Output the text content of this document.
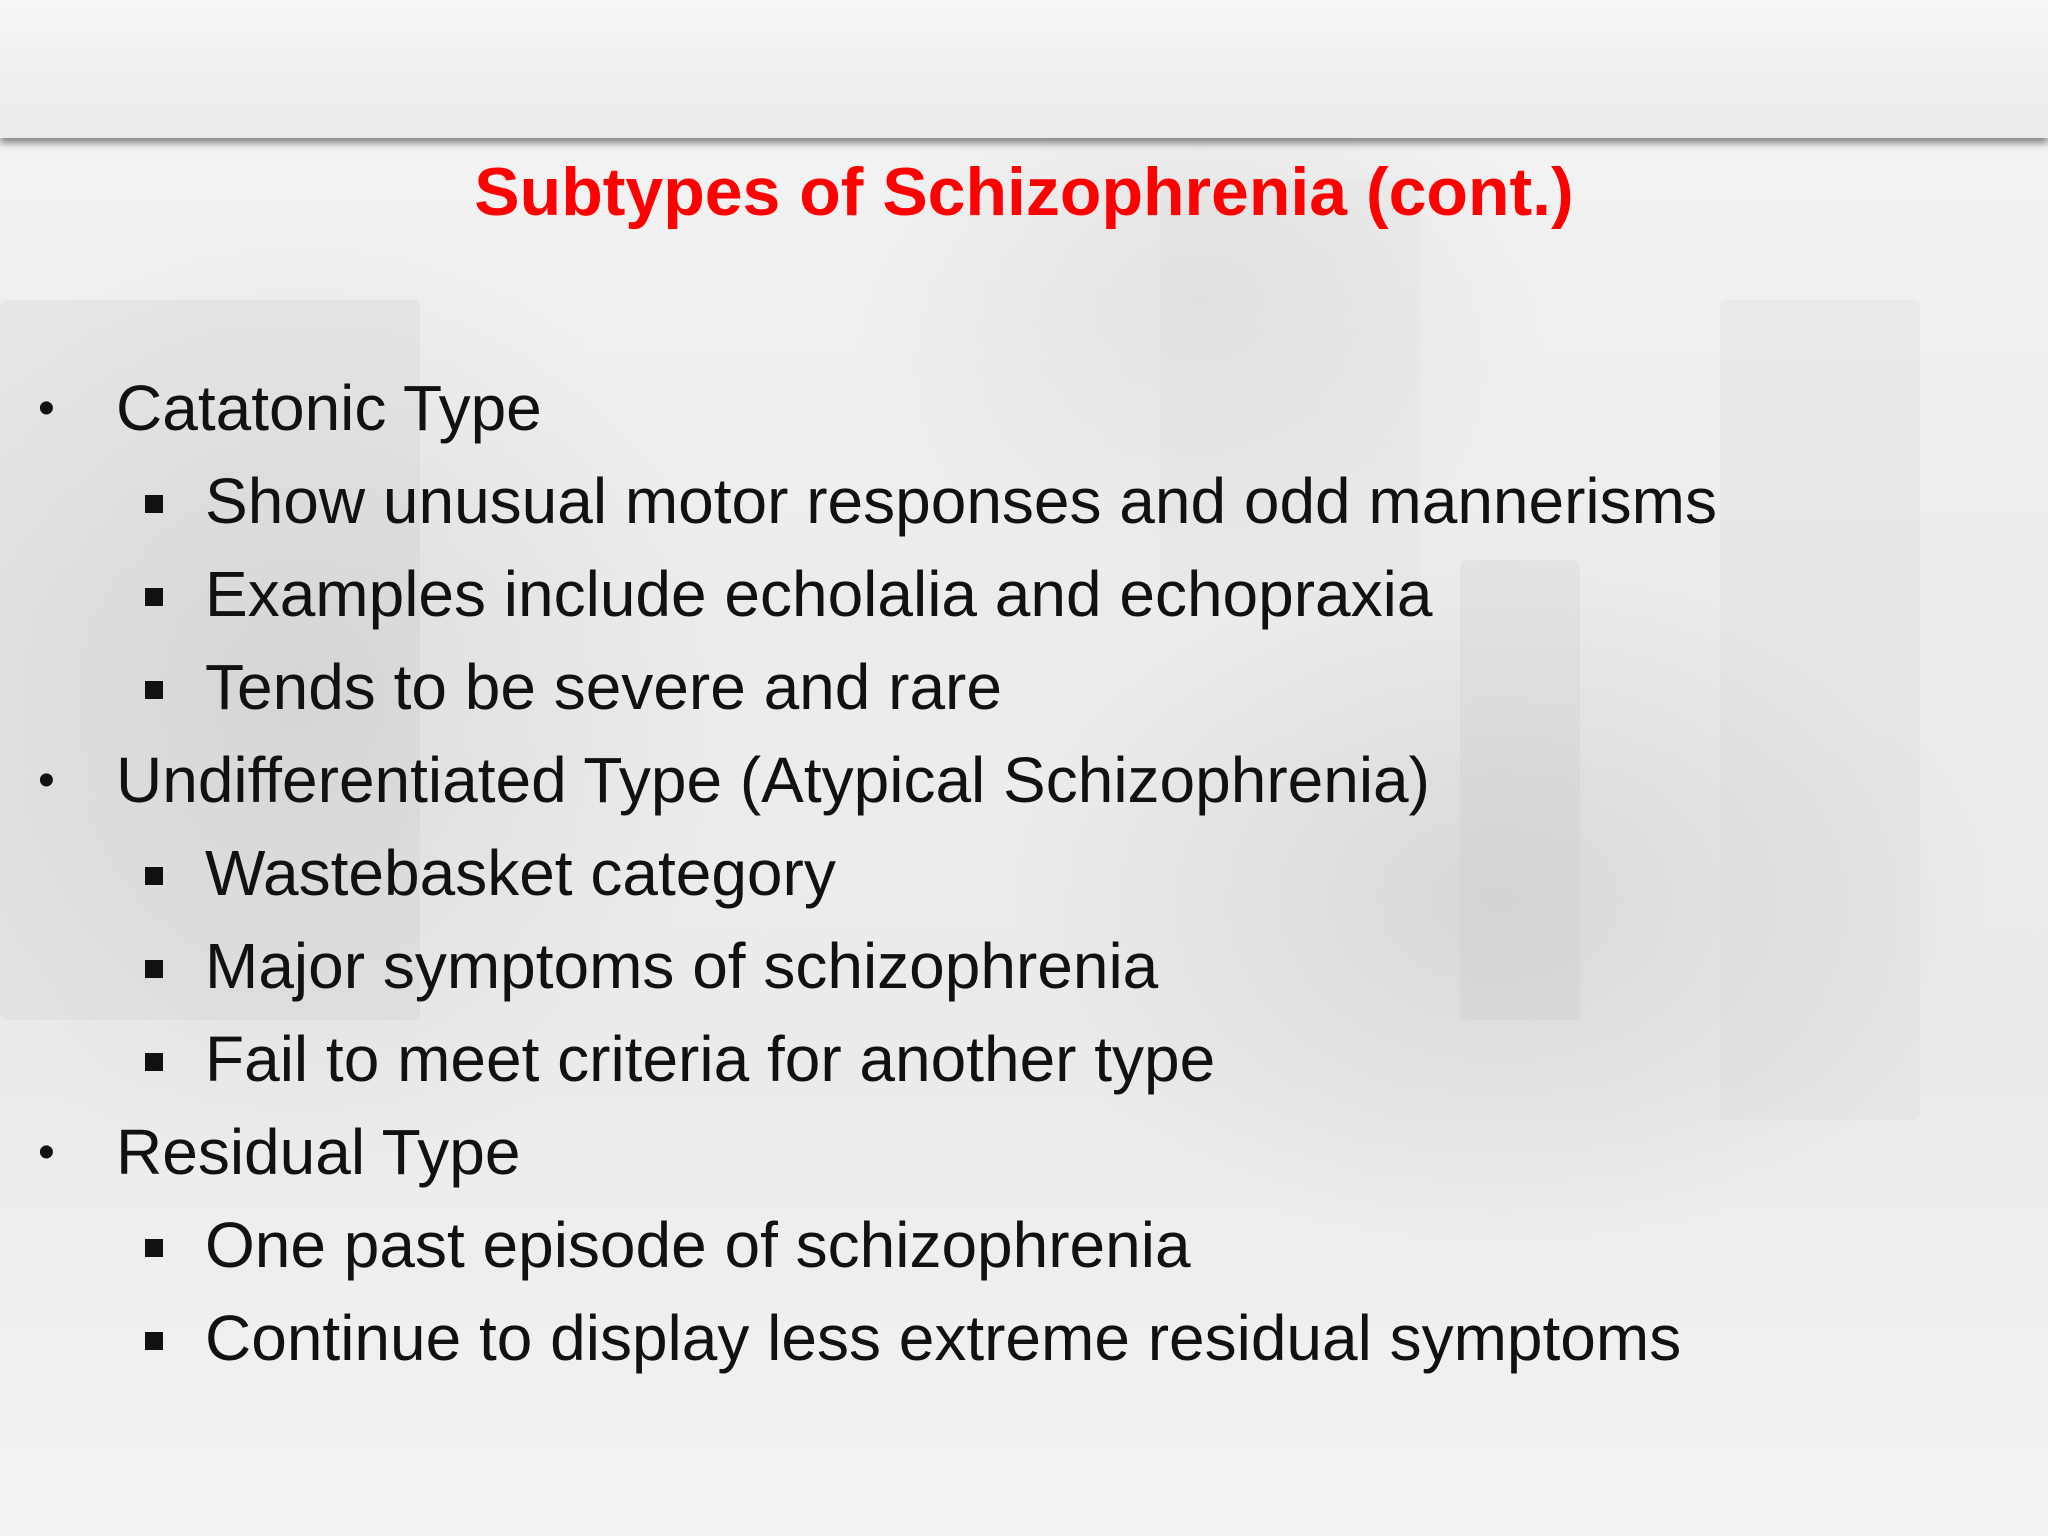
Subtypes of Schizophrenia (cont.)
• Catatonic Type
Show unusual motor responses and odd mannerisms
Examples include echolalia and echopraxia
Tends to be severe and rare
• Undifferentiated Type (Atypical Schizophrenia)
Wastebasket category
Major symptoms of schizophrenia
Fail to meet criteria for another type
• Residual Type
One past episode of schizophrenia
Continue to display less extreme residual symptoms
